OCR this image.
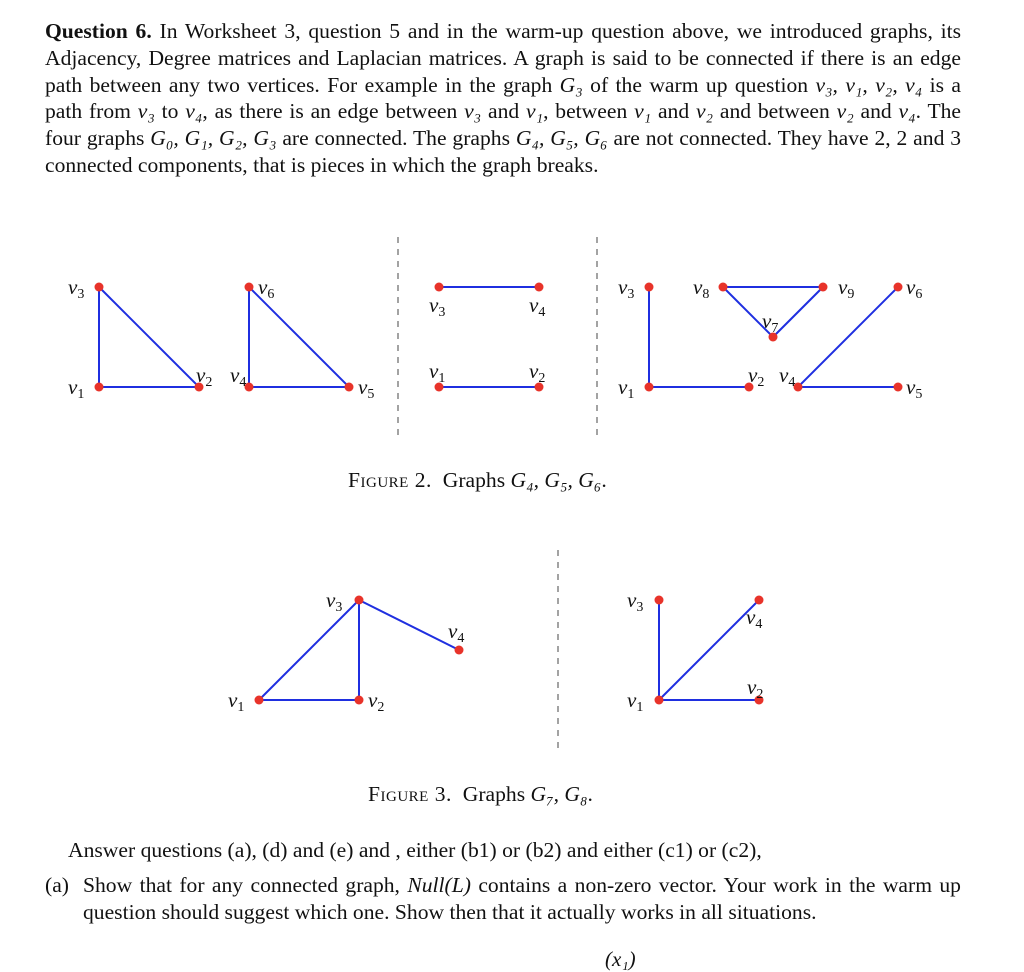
Question 6. In Worksheet 3, question 5 and in the warm-up question above, we introduced graphs, its Adjacency, Degree matrices and Laplacian matrices. A graph is said to be connected if there is an edge path between any two vertices. For example in the graph G₃ of the warm up question v₃, v₁, v₂, v₄ is a path from v₃ to v₄, as there is an edge between v₃ and v₁, between v₁ and v₂ and between v₂ and v₄. The four graphs G₀, G₁, G₂, G₃ are connected. The graphs G₄, G₅, G₆ are not connected. They have 2, 2 and 3 connected components, that is pieces in which the graph breaks.
v3
v1
v2
v6
v4	v5
v3	v4
v1	v2
v3
v1
v2
v8	v9
v7
v4
v6
v5
v3
v1	v2
v4
v3	v4
v1
v2
Figure 2. Graphs G₄, G₅, G₆.
Figure 3. Graphs G₇, G₈.
Answer questions (a), (d) and (e) and , either (b1) or (b2) and either (c1) or (c2),
(a) Show that for any connected graph, Null(L) contains a non-zero vector. Your work in the warm up question should suggest which one. Show then that it actually works in all situations.
(x₁)
